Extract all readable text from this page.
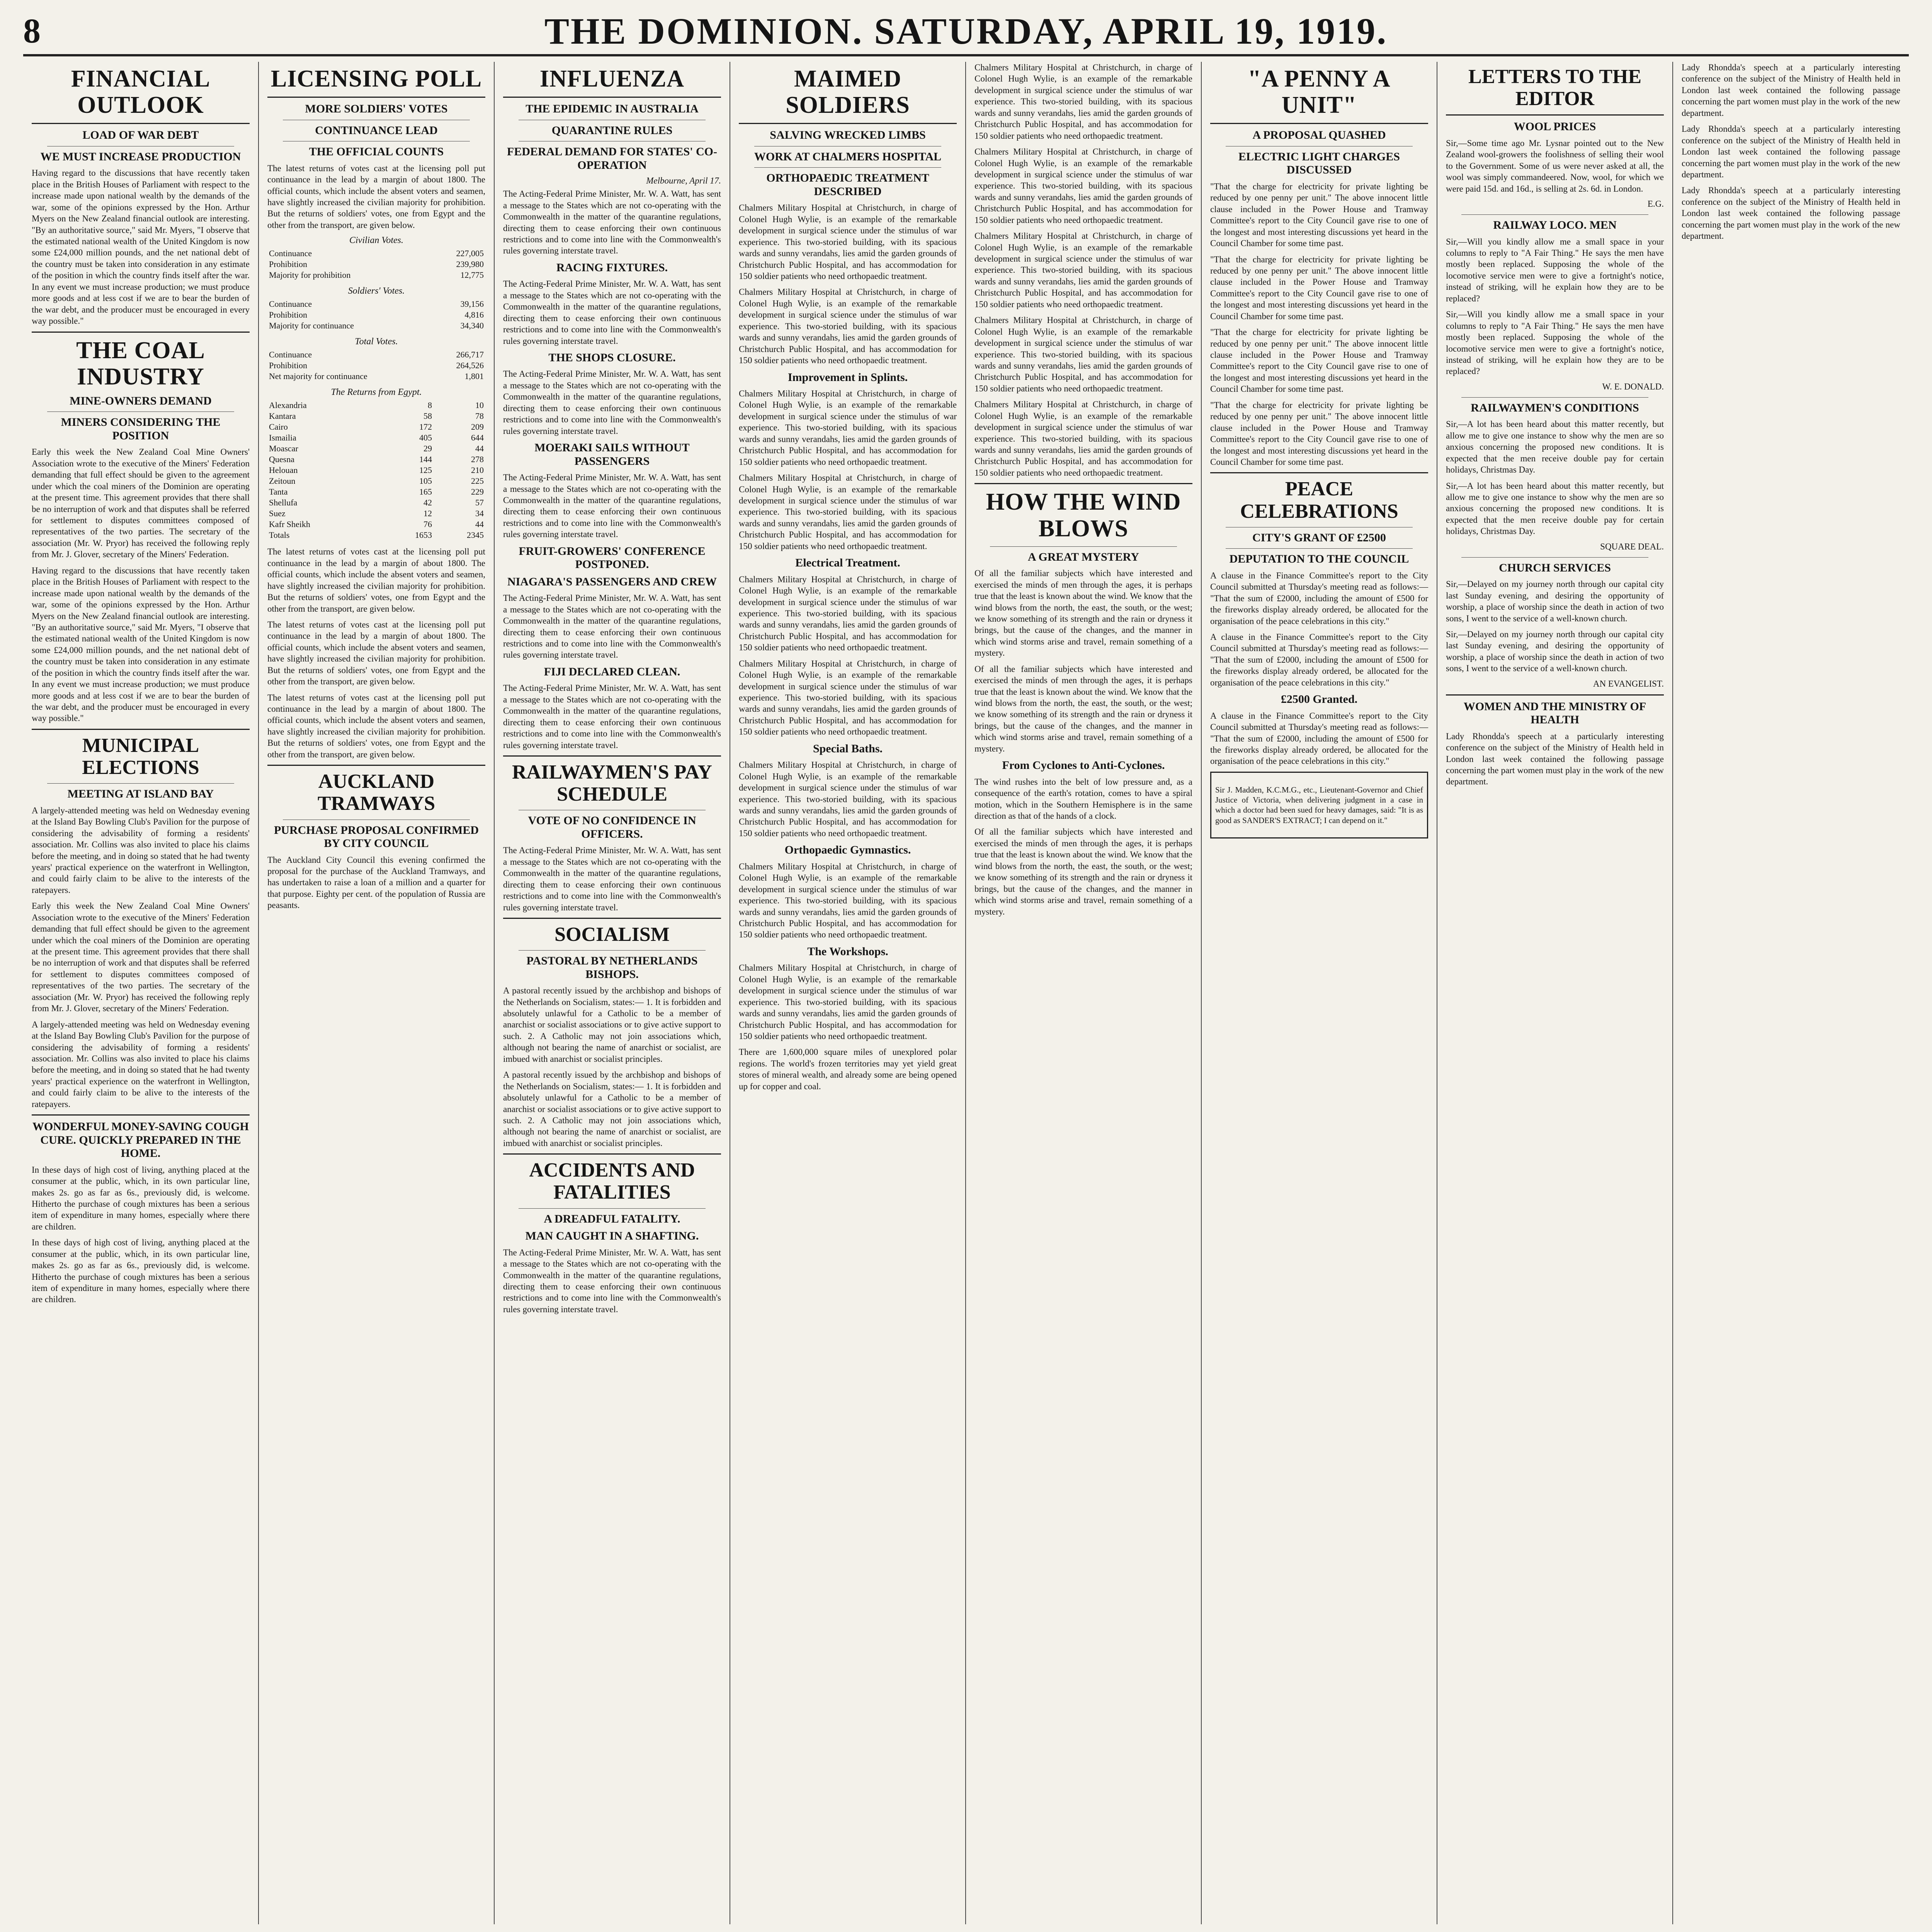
8	THE DOMINION. SATURDAY, APRIL 19, 1919.
FINANCIAL OUTLOOK
LOAD OF WAR DEBT
WE MUST INCREASE PRODUCTION

Having regard to the discussions that have recently taken place in the British Houses of Parliament with respect to the increase made upon national wealth by the demands of the war, some of the opinions expressed by the Hon. Arthur Myers on the New Zealand financial outlook are interesting. "By an authoritative source," said Mr. Myers, "I observe that the estimated national wealth of the United Kingdom is now some £24,000 million pounds, and the net national debt of the country must be taken into consideration in any estimate of the position in which the country finds itself after the war. In any event we must increase production; we must produce more goods and at less cost if we are to bear the burden of the war debt, and the producer must be encouraged in every way possible."

THE COAL INDUSTRY
MINE-OWNERS DEMAND
MINERS CONSIDERING THE POSITION

Early this week the New Zealand Coal Mine Owners' Association wrote to the executive of the Miners' Federation demanding that full effect should be given to the agreement under which the coal miners of the Dominion are operating at the present time. This agreement provides that there shall be no interruption of work and that disputes shall be referred for settlement to disputes committees composed of representatives of the two parties. The secretary of the association (Mr. W. Pryor) has received the following reply from Mr. J. Glover, secretary of the Miners' Federation.

Having regard to the discussions that have recently taken place in the British Houses of Parliament with respect to the increase made upon national wealth by the demands of the war, some of the opinions expressed by the Hon. Arthur Myers on the New Zealand financial outlook are interesting. "By an authoritative source," said Mr. Myers, "I observe that the estimated national wealth of the United Kingdom is now some £24,000 million pounds, and the net national debt of the country must be taken into consideration in any estimate of the position in which the country finds itself after the war. In any event we must increase production; we must produce more goods and at less cost if we are to bear the burden of the war debt, and the producer must be encouraged in every way possible."

MUNICIPAL ELECTIONS
MEETING AT ISLAND BAY

A largely-attended meeting was held on Wednesday evening at the Island Bay Bowling Club's Pavilion for the purpose of considering the advisability of forming a residents' association. Mr. Collins was also invited to place his claims before the meeting, and in doing so stated that he had twenty years' practical experience on the waterfront in Wellington, and could fairly claim to be alive to the interests of the ratepayers.

Early this week the New Zealand Coal Mine Owners' Association wrote to the executive of the Miners' Federation demanding that full effect should be given to the agreement under which the coal miners of the Dominion are operating at the present time. This agreement provides that there shall be no interruption of work and that disputes shall be referred for settlement to disputes committees composed of representatives of the two parties. The secretary of the association (Mr. W. Pryor) has received the following reply from Mr. J. Glover, secretary of the Miners' Federation.

A largely-attended meeting was held on Wednesday evening at the Island Bay Bowling Club's Pavilion for the purpose of considering the advisability of forming a residents' association. Mr. Collins was also invited to place his claims before the meeting, and in doing so stated that he had twenty years' practical experience on the waterfront in Wellington, and could fairly claim to be alive to the interests of the ratepayers.

WONDERFUL MONEY-SAVING COUGH CURE. QUICKLY PREPARED IN THE HOME.

In these days of high cost of living, anything placed at the consumer at the public, which, in its own particular line, makes 2s. go as far as 6s., previously did, is welcome. Hitherto the purchase of cough mixtures has been a serious item of expenditure in many homes, especially where there are children.

In these days of high cost of living, anything placed at the consumer at the public, which, in its own particular line, makes 2s. go as far as 6s., previously did, is welcome. Hitherto the purchase of cough mixtures has been a serious item of expenditure in many homes, especially where there are children.

LICENSING POLL
MORE SOLDIERS' VOTES
CONTINUANCE LEAD
THE OFFICIAL COUNTS

The latest returns of votes cast at the licensing poll put continuance in the lead by a margin of about 1800. The official counts, which include the absent voters and seamen, have slightly increased the civilian majority for prohibition. But the returns of soldiers' votes, one from Egypt and the other from the transport, are given below.

Civilian Votes.
Continuance	227,005
Prohibition	239,980
Majority for prohibition	12,775
Soldiers' Votes.
Continuance	39,156
Prohibition	4,816
Majority for continuance	34,340
Total Votes.
Continuance	266,717
Prohibition	264,526
Net majority for continuance	1,801
The Returns from Egypt.
Alexandria	8	10
Kantara	58	78
Cairo	172	209
Ismailia	405	644
Moascar	29	44
Quesna	144	278
Helouan	125	210
Zeitoun	105	225
Tanta	165	229
Shellufa	42	57
Suez	12	34
Kafr Sheikh	76	44
Totals	1653	2345

The latest returns of votes cast at the licensing poll put continuance in the lead by a margin of about 1800. The official counts, which include the absent voters and seamen, have slightly increased the civilian majority for prohibition. But the returns of soldiers' votes, one from Egypt and the other from the transport, are given below.

The latest returns of votes cast at the licensing poll put continuance in the lead by a margin of about 1800. The official counts, which include the absent voters and seamen, have slightly increased the civilian majority for prohibition. But the returns of soldiers' votes, one from Egypt and the other from the transport, are given below.

The latest returns of votes cast at the licensing poll put continuance in the lead by a margin of about 1800. The official counts, which include the absent voters and seamen, have slightly increased the civilian majority for prohibition. But the returns of soldiers' votes, one from Egypt and the other from the transport, are given below.

AUCKLAND TRAMWAYS
PURCHASE PROPOSAL CONFIRMED BY CITY COUNCIL

The Auckland City Council this evening confirmed the proposal for the purchase of the Auckland Tramways, and has undertaken to raise a loan of a million and a quarter for that purpose. Eighty per cent. of the population of Russia are peasants.

INFLUENZA
THE EPIDEMIC IN AUSTRALIA
QUARANTINE RULES
FEDERAL DEMAND FOR STATES' CO-OPERATION
Melbourne, April 17.

The Acting-Federal Prime Minister, Mr. W. A. Watt, has sent a message to the States which are not co-operating with the Commonwealth in the matter of the quarantine regulations, directing them to cease enforcing their own continuous restrictions and to come into line with the Commonwealth's rules governing interstate travel.

RACING FIXTURES.

The Acting-Federal Prime Minister, Mr. W. A. Watt, has sent a message to the States which are not co-operating with the Commonwealth in the matter of the quarantine regulations, directing them to cease enforcing their own continuous restrictions and to come into line with the Commonwealth's rules governing interstate travel.

THE SHOPS CLOSURE.

The Acting-Federal Prime Minister, Mr. W. A. Watt, has sent a message to the States which are not co-operating with the Commonwealth in the matter of the quarantine regulations, directing them to cease enforcing their own continuous restrictions and to come into line with the Commonwealth's rules governing interstate travel.

MOERAKI SAILS WITHOUT PASSENGERS

The Acting-Federal Prime Minister, Mr. W. A. Watt, has sent a message to the States which are not co-operating with the Commonwealth in the matter of the quarantine regulations, directing them to cease enforcing their own continuous restrictions and to come into line with the Commonwealth's rules governing interstate travel.

FRUIT-GROWERS' CONFERENCE POSTPONED.
NIAGARA'S PASSENGERS AND CREW

The Acting-Federal Prime Minister, Mr. W. A. Watt, has sent a message to the States which are not co-operating with the Commonwealth in the matter of the quarantine regulations, directing them to cease enforcing their own continuous restrictions and to come into line with the Commonwealth's rules governing interstate travel.

FIJI DECLARED CLEAN.

The Acting-Federal Prime Minister, Mr. W. A. Watt, has sent a message to the States which are not co-operating with the Commonwealth in the matter of the quarantine regulations, directing them to cease enforcing their own continuous restrictions and to come into line with the Commonwealth's rules governing interstate travel.

RAILWAYMEN'S PAY SCHEDULE
VOTE OF NO CONFIDENCE IN OFFICERS.

The Acting-Federal Prime Minister, Mr. W. A. Watt, has sent a message to the States which are not co-operating with the Commonwealth in the matter of the quarantine regulations, directing them to cease enforcing their own continuous restrictions and to come into line with the Commonwealth's rules governing interstate travel.

SOCIALISM
PASTORAL BY NETHERLANDS BISHOPS.

A pastoral recently issued by the archbishop and bishops of the Netherlands on Socialism, states:— 1. It is forbidden and absolutely unlawful for a Catholic to be a member of anarchist or socialist associations or to give active support to such. 2. A Catholic may not join associations which, although not bearing the name of anarchist or socialist, are imbued with anarchist or socialist principles.

A pastoral recently issued by the archbishop and bishops of the Netherlands on Socialism, states:— 1. It is forbidden and absolutely unlawful for a Catholic to be a member of anarchist or socialist associations or to give active support to such. 2. A Catholic may not join associations which, although not bearing the name of anarchist or socialist, are imbued with anarchist or socialist principles.

ACCIDENTS AND FATALITIES
A DREADFUL FATALITY.
MAN CAUGHT IN A SHAFTING.

The Acting-Federal Prime Minister, Mr. W. A. Watt, has sent a message to the States which are not co-operating with the Commonwealth in the matter of the quarantine regulations, directing them to cease enforcing their own continuous restrictions and to come into line with the Commonwealth's rules governing interstate travel.

MAIMED SOLDIERS
SALVING WRECKED LIMBS
WORK AT CHALMERS HOSPITAL
ORTHOPAEDIC TREATMENT DESCRIBED

Chalmers Military Hospital at Christchurch, in charge of Colonel Hugh Wylie, is an example of the remarkable development in surgical science under the stimulus of war experience. This two-storied building, with its spacious wards and sunny verandahs, lies amid the garden grounds of Christchurch Public Hospital, and has accommodation for 150 soldier patients who need orthopaedic treatment.

Chalmers Military Hospital at Christchurch, in charge of Colonel Hugh Wylie, is an example of the remarkable development in surgical science under the stimulus of war experience. This two-storied building, with its spacious wards and sunny verandahs, lies amid the garden grounds of Christchurch Public Hospital, and has accommodation for 150 soldier patients who need orthopaedic treatment.

Improvement in Splints.

Chalmers Military Hospital at Christchurch, in charge of Colonel Hugh Wylie, is an example of the remarkable development in surgical science under the stimulus of war experience. This two-storied building, with its spacious wards and sunny verandahs, lies amid the garden grounds of Christchurch Public Hospital, and has accommodation for 150 soldier patients who need orthopaedic treatment.

Chalmers Military Hospital at Christchurch, in charge of Colonel Hugh Wylie, is an example of the remarkable development in surgical science under the stimulus of war experience. This two-storied building, with its spacious wards and sunny verandahs, lies amid the garden grounds of Christchurch Public Hospital, and has accommodation for 150 soldier patients who need orthopaedic treatment.

Electrical Treatment.

Chalmers Military Hospital at Christchurch, in charge of Colonel Hugh Wylie, is an example of the remarkable development in surgical science under the stimulus of war experience. This two-storied building, with its spacious wards and sunny verandahs, lies amid the garden grounds of Christchurch Public Hospital, and has accommodation for 150 soldier patients who need orthopaedic treatment.

Chalmers Military Hospital at Christchurch, in charge of Colonel Hugh Wylie, is an example of the remarkable development in surgical science under the stimulus of war experience. This two-storied building, with its spacious wards and sunny verandahs, lies amid the garden grounds of Christchurch Public Hospital, and has accommodation for 150 soldier patients who need orthopaedic treatment.

Special Baths.

Chalmers Military Hospital at Christchurch, in charge of Colonel Hugh Wylie, is an example of the remarkable development in surgical science under the stimulus of war experience. This two-storied building, with its spacious wards and sunny verandahs, lies amid the garden grounds of Christchurch Public Hospital, and has accommodation for 150 soldier patients who need orthopaedic treatment.

Orthopaedic Gymnastics.

Chalmers Military Hospital at Christchurch, in charge of Colonel Hugh Wylie, is an example of the remarkable development in surgical science under the stimulus of war experience. This two-storied building, with its spacious wards and sunny verandahs, lies amid the garden grounds of Christchurch Public Hospital, and has accommodation for 150 soldier patients who need orthopaedic treatment.

The Workshops.

Chalmers Military Hospital at Christchurch, in charge of Colonel Hugh Wylie, is an example of the remarkable development in surgical science under the stimulus of war experience. This two-storied building, with its spacious wards and sunny verandahs, lies amid the garden grounds of Christchurch Public Hospital, and has accommodation for 150 soldier patients who need orthopaedic treatment.

There are 1,600,000 square miles of unexplored polar regions. The world's frozen territories may yet yield great stores of mineral wealth, and already some are being opened up for copper and coal.

Chalmers Military Hospital at Christchurch, in charge of Colonel Hugh Wylie, is an example of the remarkable development in surgical science under the stimulus of war experience. This two-storied building, with its spacious wards and sunny verandahs, lies amid the garden grounds of Christchurch Public Hospital, and has accommodation for 150 soldier patients who need orthopaedic treatment.

Chalmers Military Hospital at Christchurch, in charge of Colonel Hugh Wylie, is an example of the remarkable development in surgical science under the stimulus of war experience. This two-storied building, with its spacious wards and sunny verandahs, lies amid the garden grounds of Christchurch Public Hospital, and has accommodation for 150 soldier patients who need orthopaedic treatment.

Chalmers Military Hospital at Christchurch, in charge of Colonel Hugh Wylie, is an example of the remarkable development in surgical science under the stimulus of war experience. This two-storied building, with its spacious wards and sunny verandahs, lies amid the garden grounds of Christchurch Public Hospital, and has accommodation for 150 soldier patients who need orthopaedic treatment.

Chalmers Military Hospital at Christchurch, in charge of Colonel Hugh Wylie, is an example of the remarkable development in surgical science under the stimulus of war experience. This two-storied building, with its spacious wards and sunny verandahs, lies amid the garden grounds of Christchurch Public Hospital, and has accommodation for 150 soldier patients who need orthopaedic treatment.

Chalmers Military Hospital at Christchurch, in charge of Colonel Hugh Wylie, is an example of the remarkable development in surgical science under the stimulus of war experience. This two-storied building, with its spacious wards and sunny verandahs, lies amid the garden grounds of Christchurch Public Hospital, and has accommodation for 150 soldier patients who need orthopaedic treatment.

HOW THE WIND BLOWS
A GREAT MYSTERY

Of all the familiar subjects which have interested and exercised the minds of men through the ages, it is perhaps true that the least is known about the wind. We know that the wind blows from the north, the east, the south, or the west; we know something of its strength and the rain or dryness it brings, but the cause of the changes, and the manner in which wind storms arise and travel, remain something of a mystery.

Of all the familiar subjects which have interested and exercised the minds of men through the ages, it is perhaps true that the least is known about the wind. We know that the wind blows from the north, the east, the south, or the west; we know something of its strength and the rain or dryness it brings, but the cause of the changes, and the manner in which wind storms arise and travel, remain something of a mystery.

From Cyclones to Anti-Cyclones.

The wind rushes into the belt of low pressure and, as a consequence of the earth's rotation, comes to have a spiral motion, which in the Southern Hemisphere is in the same direction as that of the hands of a clock.

Of all the familiar subjects which have interested and exercised the minds of men through the ages, it is perhaps true that the least is known about the wind. We know that the wind blows from the north, the east, the south, or the west; we know something of its strength and the rain or dryness it brings, but the cause of the changes, and the manner in which wind storms arise and travel, remain something of a mystery.

"A PENNY A UNIT"
A PROPOSAL QUASHED
ELECTRIC LIGHT CHARGES DISCUSSED

"That the charge for electricity for private lighting be reduced by one penny per unit." The above innocent little clause included in the Power House and Tramway Committee's report to the City Council gave rise to one of the longest and most interesting discussions yet heard in the Council Chamber for some time past.

"That the charge for electricity for private lighting be reduced by one penny per unit." The above innocent little clause included in the Power House and Tramway Committee's report to the City Council gave rise to one of the longest and most interesting discussions yet heard in the Council Chamber for some time past.

"That the charge for electricity for private lighting be reduced by one penny per unit." The above innocent little clause included in the Power House and Tramway Committee's report to the City Council gave rise to one of the longest and most interesting discussions yet heard in the Council Chamber for some time past.

"That the charge for electricity for private lighting be reduced by one penny per unit." The above innocent little clause included in the Power House and Tramway Committee's report to the City Council gave rise to one of the longest and most interesting discussions yet heard in the Council Chamber for some time past.

PEACE CELEBRATIONS
CITY'S GRANT OF £2500
DEPUTATION TO THE COUNCIL

A clause in the Finance Committee's report to the City Council submitted at Thursday's meeting read as follows:— "That the sum of £2000, including the amount of £500 for the fireworks display already ordered, be allocated for the organisation of the peace celebrations in this city."

A clause in the Finance Committee's report to the City Council submitted at Thursday's meeting read as follows:— "That the sum of £2000, including the amount of £500 for the fireworks display already ordered, be allocated for the organisation of the peace celebrations in this city."

£2500 Granted.

A clause in the Finance Committee's report to the City Council submitted at Thursday's meeting read as follows:— "That the sum of £2000, including the amount of £500 for the fireworks display already ordered, be allocated for the organisation of the peace celebrations in this city."

Sir J. Madden, K.C.M.G., etc., Lieutenant-Governor and Chief Justice of Victoria, when delivering judgment in a case in which a doctor had been sued for heavy damages, said: "It is as good as SANDER'S EXTRACT; I can depend on it."

LETTERS TO THE EDITOR
WOOL PRICES

Sir,—Some time ago Mr. Lysnar pointed out to the New Zealand wool-growers the foolishness of selling their wool to the Government. Some of us were never asked at all, the wool was simply commandeered. Now, wool, for which we were paid 15d. and 16d., is selling at 2s. 6d. in London.

E.G.
RAILWAY LOCO. MEN

Sir,—Will you kindly allow me a small space in your columns to reply to "A Fair Thing." He says the men have mostly been replaced. Supposing the whole of the locomotive service men were to give a fortnight's notice, instead of striking, will he explain how they are to be replaced?

Sir,—Will you kindly allow me a small space in your columns to reply to "A Fair Thing." He says the men have mostly been replaced. Supposing the whole of the locomotive service men were to give a fortnight's notice, instead of striking, will he explain how they are to be replaced?

W. E. DONALD.
RAILWAYMEN'S CONDITIONS

Sir,—A lot has been heard about this matter recently, but allow me to give one instance to show why the men are so anxious concerning the proposed new conditions. It is expected that the men receive double pay for certain holidays, Christmas Day.

Sir,—A lot has been heard about this matter recently, but allow me to give one instance to show why the men are so anxious concerning the proposed new conditions. It is expected that the men receive double pay for certain holidays, Christmas Day.

SQUARE DEAL.
CHURCH SERVICES

Sir,—Delayed on my journey north through our capital city last Sunday evening, and desiring the opportunity of worship, a place of worship since the death in action of two sons, I went to the service of a well-known church.

Sir,—Delayed on my journey north through our capital city last Sunday evening, and desiring the opportunity of worship, a place of worship since the death in action of two sons, I went to the service of a well-known church.

AN EVANGELIST.
WOMEN AND THE MINISTRY OF HEALTH

Lady Rhondda's speech at a particularly interesting conference on the subject of the Ministry of Health held in London last week contained the following passage concerning the part women must play in the work of the new department.

Lady Rhondda's speech at a particularly interesting conference on the subject of the Ministry of Health held in London last week contained the following passage concerning the part women must play in the work of the new department.

Lady Rhondda's speech at a particularly interesting conference on the subject of the Ministry of Health held in London last week contained the following passage concerning the part women must play in the work of the new department.

Lady Rhondda's speech at a particularly interesting conference on the subject of the Ministry of Health held in London last week contained the following passage concerning the part women must play in the work of the new department.
